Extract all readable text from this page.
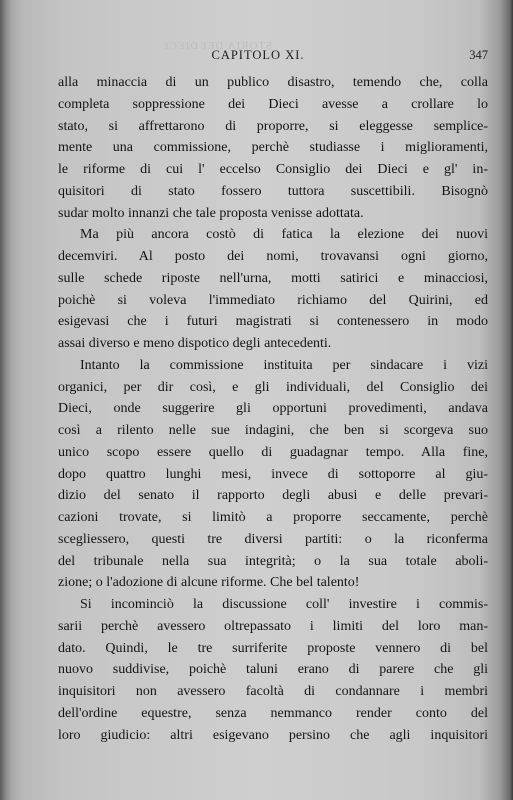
STORIA DEI DIECI
CAPITOLO XI.	347
alla minaccia di un publico disastro, temendo che, colla
completa soppressione dei Dieci avesse a crollare lo
stato, si affrettarono di proporre, si eleggesse semplice-
mente una commissione, perchè studiasse i miglioramenti,
le riforme di cui l' eccelso Consiglio dei Dieci e gl' in-
quisitori di stato fossero tuttora suscettibili. Bisognò
sudar molto innanzi che tale proposta venisse adottata.
Ma più ancora costò di fatica la elezione dei nuovi
decemviri. Al posto dei nomi, trovavansi ogni giorno,
sulle schede riposte nell'urna, motti satirici e minacciosi,
poichè si voleva l'immediato richiamo del Quirini, ed
esigevasi che i futuri magistrati si contenessero in modo
assai diverso e meno dispotico degli antecedenti.
Intanto la commissione instituita per sindacare i vizi
organici, per dir così, e gli individuali, del Consiglio dei
Dieci, onde suggerire gli opportuni provedimenti, andava
così a rilento nelle sue indagini, che ben si scorgeva suo
unico scopo essere quello di guadagnar tempo. Alla fine,
dopo quattro lunghi mesi, invece di sottoporre al giu-
dizio del senato il rapporto degli abusi e delle prevari-
cazioni trovate, si limitò a proporre seccamente, perchè
scegliessero, questi tre diversi partiti: o la riconferma
del tribunale nella sua integrità; o la sua totale aboli-
zione; o l'adozione di alcune riforme. Che bel talento!
Si incominciò la discussione coll' investire i commis-
sarii perchè avessero oltrepassato i limiti del loro man-
dato. Quindi, le tre surriferite proposte vennero di bel
nuovo suddivise, poichè taluni erano di parere che gli
inquisitori non avessero facoltà di condannare i membri
dell'ordine equestre, senza nemmanco render conto del
loro giudicio: altri esigevano persino che agli inquisitori
